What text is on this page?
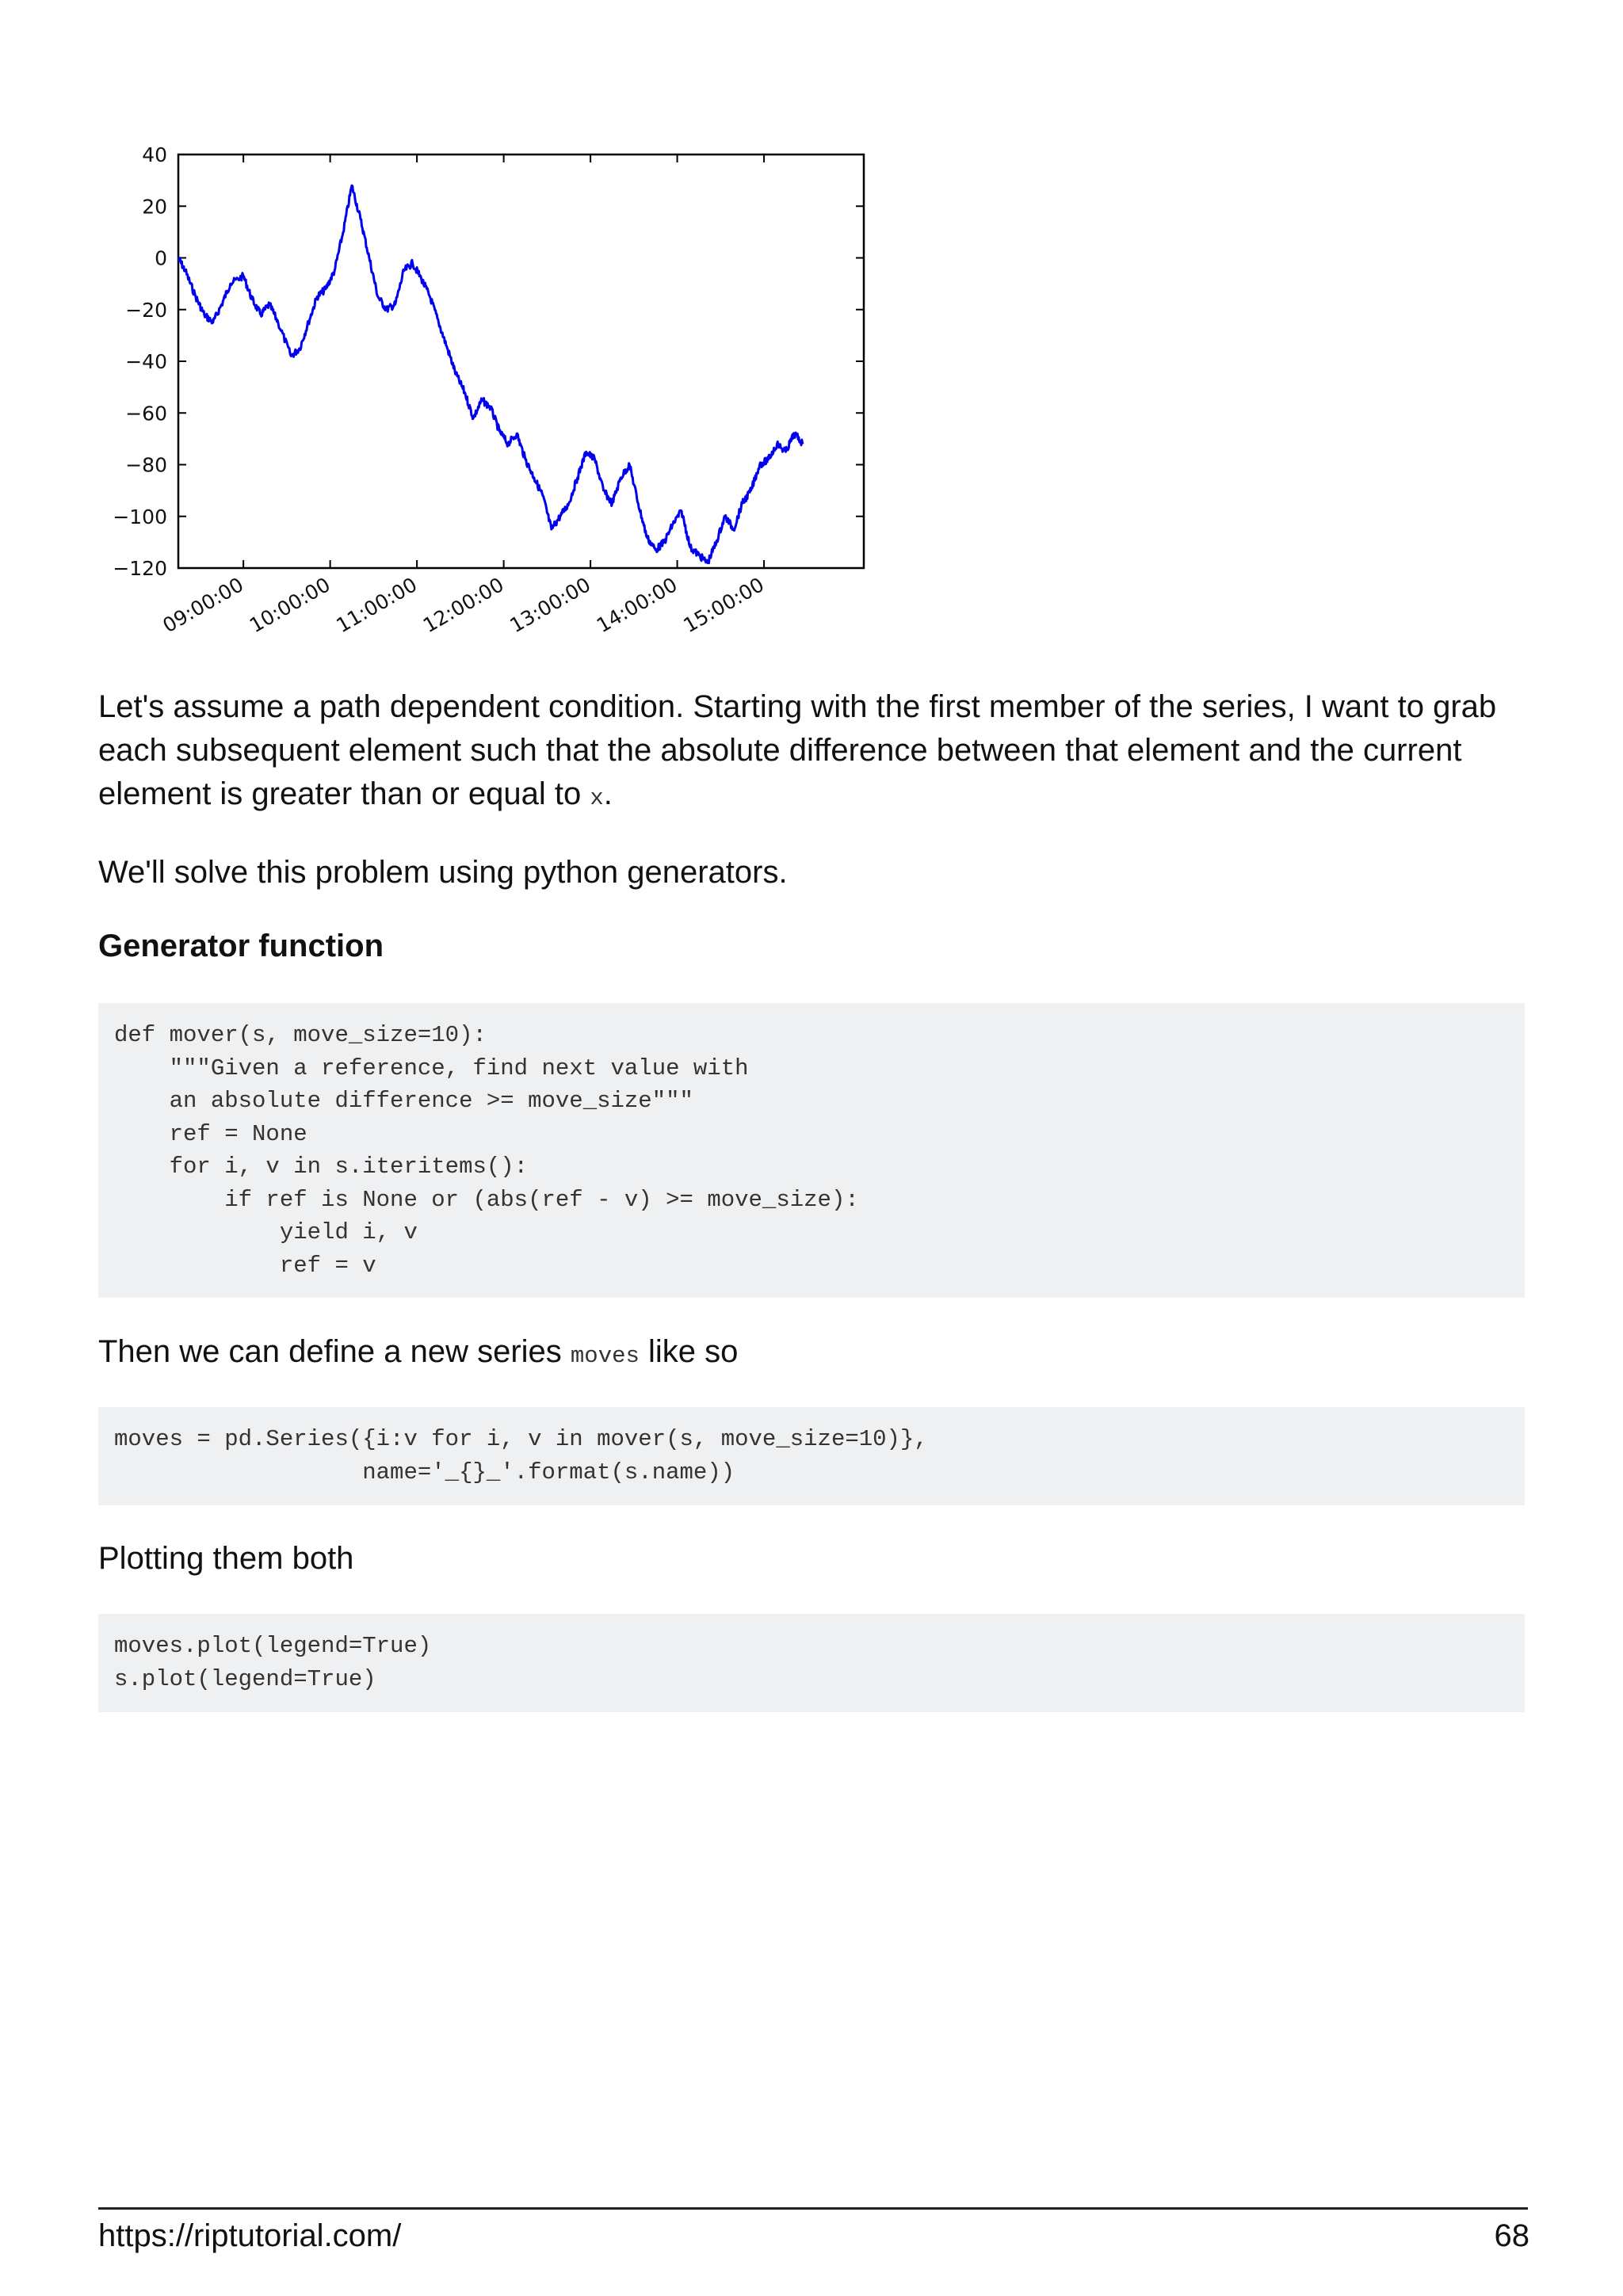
40
20
0
−20
−40
−60
−80
−100
−120
09:00:00
10:00:00
11:00:00
12:00:00
13:00:00
14:00:00
15:00:00

Let's assume a path dependent condition. Starting with the first member of the series, I want to grab each subsequent element such that the absolute difference between that element and the current element is greater than or equal to x.

We'll solve this problem using python generators.

Generator function
def mover(s, move_size=10):
"""Given a reference, find next value with
an absolute difference >= move_size"""
ref = None
for i, v in s.iteritems():
if ref is None or (abs(ref - v) >= move_size):
yield i, v
ref = v

Then we can define a new series moves like so

moves = pd.Series({i:v for i, v in mover(s, move_size=10)},
name='_{}_'.format(s.name))

Plotting them both

moves.plot(legend=True)
s.plot(legend=True)
https://riptutorial.com/	68
